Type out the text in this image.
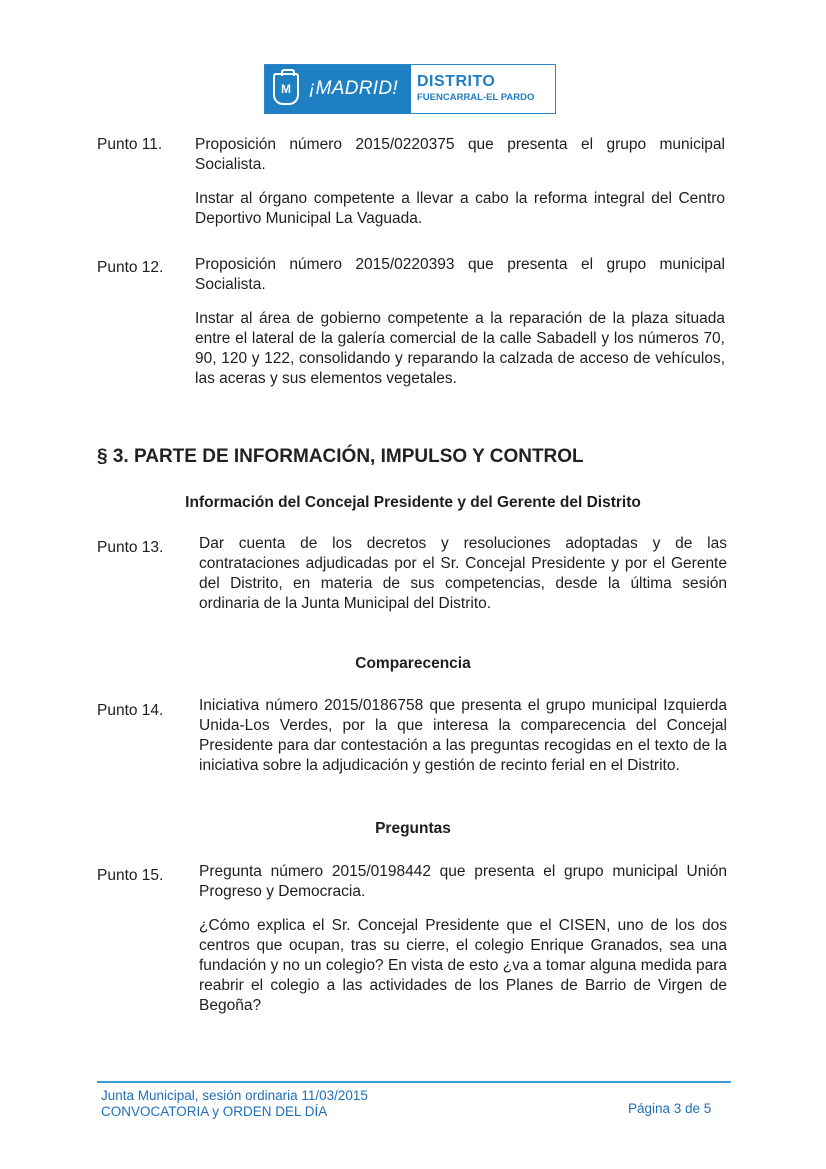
M ¡MADRID! DISTRITO
FUENCARRAL-EL PARDO
Punto 11. Proposición número 2015/0220375 que presenta el grupo municipal Socialista.

Instar al órgano competente a llevar a cabo la reforma integral del Centro Deportivo Municipal La Vaguada.

Punto 12. Proposición número 2015/0220393 que presenta el grupo municipal Socialista.

Instar al área de gobierno competente a la reparación de la plaza situada entre el lateral de la galería comercial de la calle Sabadell y los números 70, 90, 120 y 122, consolidando y reparando la calzada de acceso de vehículos, las aceras y sus elementos vegetales.

§ 3. PARTE DE INFORMACIÓN, IMPULSO Y CONTROL
Información del Concejal Presidente y del Gerente del Distrito
Punto 13. Dar cuenta de los decretos y resoluciones adoptadas y de las contrataciones adjudicadas por el Sr. Concejal Presidente y por el Gerente del Distrito, en materia de sus competencias, desde la última sesión ordinaria de la Junta Municipal del Distrito.

Comparecencia
Punto 14. Iniciativa número 2015/0186758 que presenta el grupo municipal Izquierda Unida-Los Verdes, por la que interesa la comparecencia del Concejal Presidente para dar contestación a las preguntas recogidas en el texto de la iniciativa sobre la adjudicación y gestión de recinto ferial en el Distrito.

Preguntas
Punto 15. Pregunta número 2015/0198442 que presenta el grupo municipal Unión Progreso y Democracia.

¿Cómo explica el Sr. Concejal Presidente que el CISEN, uno de los dos centros que ocupan, tras su cierre, el colegio Enrique Granados, sea una fundación y no un colegio? En vista de esto ¿va a tomar alguna medida para reabrir el colegio a las actividades de los Planes de Barrio de Virgen de Begoña?

Junta Municipal, sesión ordinaria 11/03/2015
CONVOCATORIA y ORDEN DEL DÍA	Página 3 de 5
